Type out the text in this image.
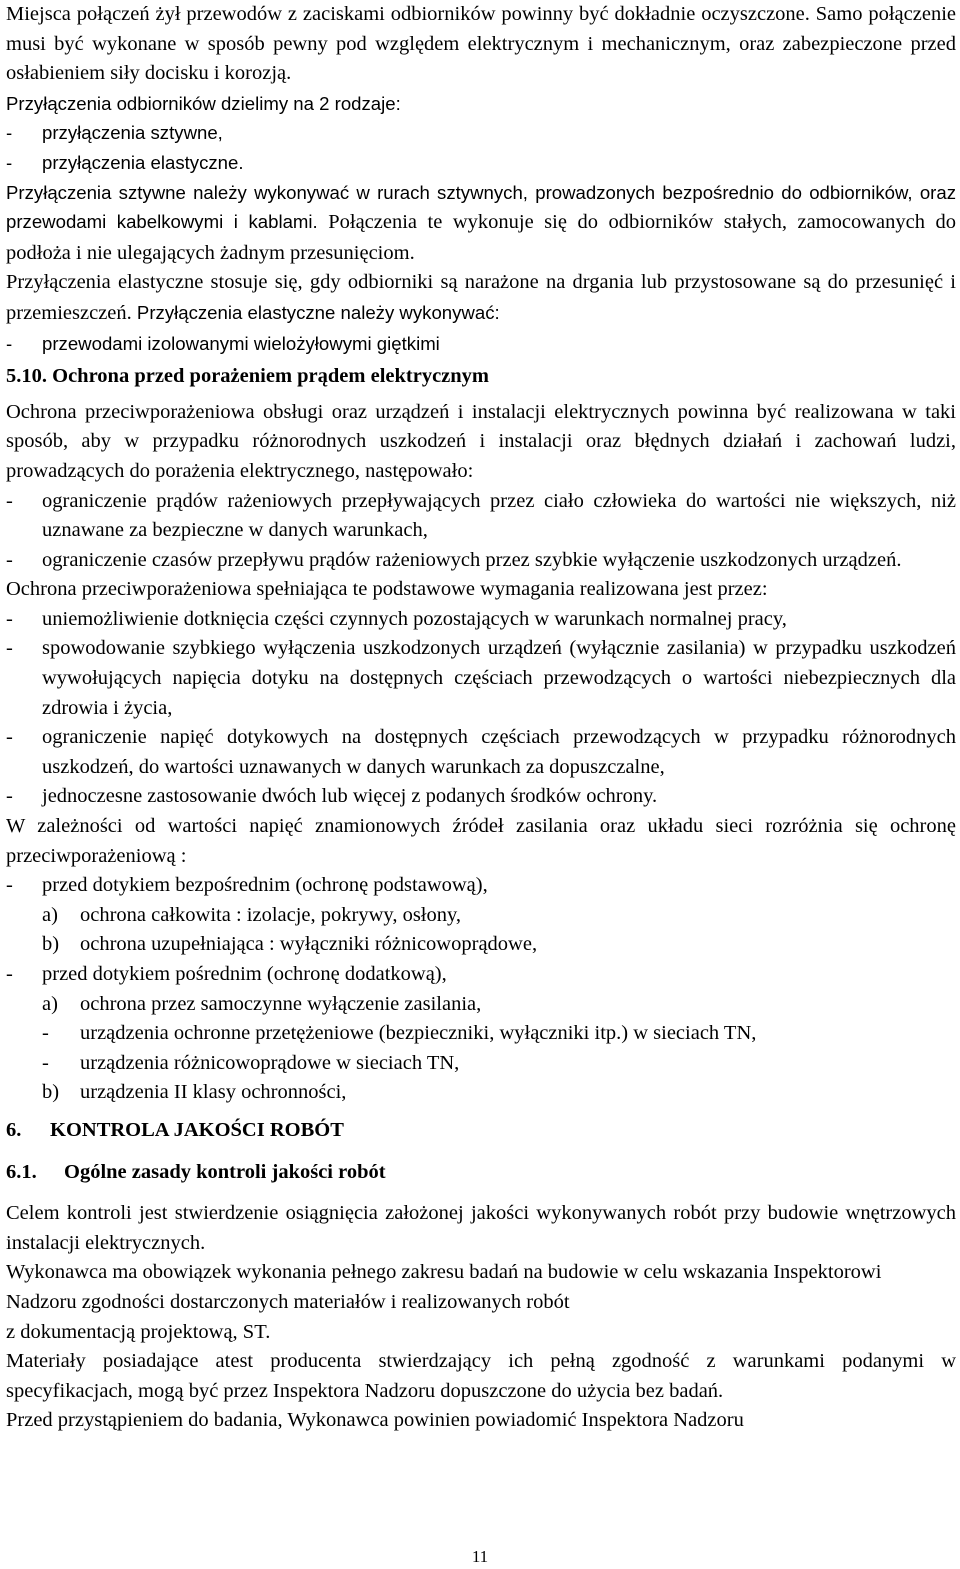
Miejsca połączeń żył przewodów z zaciskami odbiorników powinny być dokładnie oczyszczone. Samo połączenie musi być wykonane w sposób pewny pod względem elektrycznym i mechanicznym, oraz zabezpieczone przed osłabieniem siły docisku i korozją.

Przyłączenia odbiorników dzielimy na 2 rodzaje:

-	przyłączenia sztywne,
-	przyłączenia elastyczne.

Przyłączenia sztywne należy wykonywać w rurach sztywnych, prowadzonych bezpośrednio do odbiorników, oraz przewodami kabelkowymi i kablami. Połączenia te wykonuje się do odbiorników stałych, zamocowanych do podłoża i nie ulegających żadnym przesunięciom.

Przyłączenia elastyczne stosuje się, gdy odbiorniki są narażone na drgania lub przystosowane są do przesunięć i przemieszczeń. Przyłączenia elastyczne należy wykonywać:

-	przewodami izolowanymi wielożyłowymi giętkimi
5.10. Ochrona przed porażeniem prądem elektrycznym

Ochrona przeciwporażeniowa obsługi oraz urządzeń i instalacji elektrycznych powinna być realizowana w taki sposób, aby w przypadku różnorodnych uszkodzeń i instalacji oraz błędnych działań i zachowań ludzi, prowadzących do porażenia elektrycznego, następowało:

-	ograniczenie prądów rażeniowych przepływających przez ciało człowieka do wartości nie większych, niż uznawane za bezpieczne w danych warunkach,
-	ograniczenie czasów przepływu prądów rażeniowych przez szybkie wyłączenie uszkodzonych urządzeń.

Ochrona przeciwporażeniowa spełniająca te podstawowe wymagania realizowana jest przez:

-	uniemożliwienie dotknięcia części czynnych pozostających w warunkach normalnej pracy,
-	spowodowanie szybkiego wyłączenia uszkodzonych urządzeń (wyłącznie zasilania) w przypadku uszkodzeń wywołujących napięcia dotyku na dostępnych częściach przewodzących o wartości niebezpiecznych dla zdrowia i życia,
-	ograniczenie napięć dotykowych na dostępnych częściach przewodzących w przypadku różnorodnych uszkodzeń, do wartości uznawanych w danych warunkach za dopuszczalne,
-	jednoczesne zastosowanie dwóch lub więcej z podanych środków ochrony.

W zależności od wartości napięć znamionowych źródeł zasilania oraz układu sieci rozróżnia się ochronę przeciwporażeniową :

-	przed dotykiem bezpośrednim (ochronę podstawową),
a)	ochrona całkowita : izolacje, pokrywy, osłony,
b)	ochrona uzupełniająca : wyłączniki różnicowoprądowe,
-	przed dotykiem pośrednim (ochronę dodatkową),
a)	ochrona przez samoczynne wyłączenie zasilania,
-	urządzenia ochronne przetężeniowe (bezpieczniki, wyłączniki itp.) w sieciach TN,
-	urządzenia różnicowoprądowe w sieciach TN,
b)	urządzenia II klasy ochronności,
6.	KONTROLA JAKOŚCI ROBÓT
6.1.	Ogólne zasady kontroli jakości robót

Celem kontroli jest stwierdzenie osiągnięcia założonej jakości wykonywanych robót przy budowie wnętrzowych instalacji elektrycznych.

Wykonawca ma obowiązek wykonania pełnego zakresu badań na budowie w celu wskazania Inspektorowi Nadzoru zgodności dostarczonych materiałów i realizowanych robót
z dokumentacją projektową, ST.

Materiały posiadające atest producenta stwierdzający ich pełną zgodność z warunkami podanymi w specyfikacjach, mogą być przez Inspektora Nadzoru dopuszczone do użycia bez badań.

Przed przystąpieniem do badania, Wykonawca powinien powiadomić Inspektora Nadzoru

11
